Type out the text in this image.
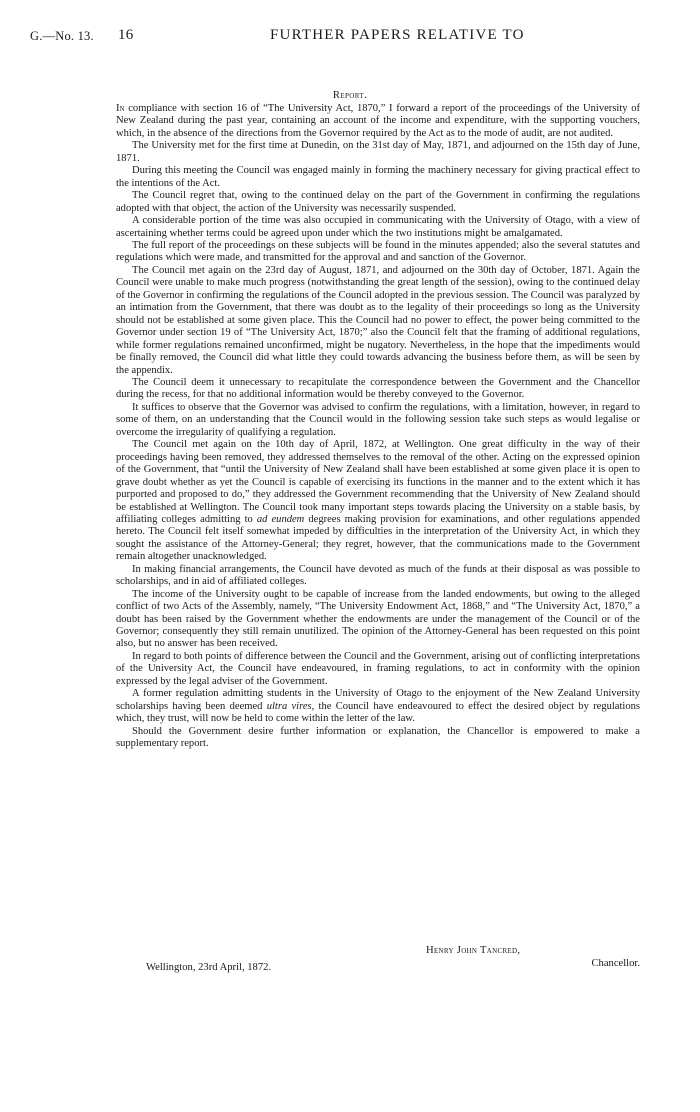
G.—No. 13. 16	FURTHER PAPERS RELATIVE TO
Report.

In compliance with section 16 of “The University Act, 1870,” I forward a report of the proceedings of the University of New Zealand during the past year, containing an account of the income and expenditure, with the supporting vouchers, which, in the absence of the directions from the Governor required by the Act as to the mode of audit, are not audited.

The University met for the first time at Dunedin, on the 31st day of May, 1871, and adjourned on the 15th day of June, 1871.

During this meeting the Council was engaged mainly in forming the machinery necessary for giving practical effect to the intentions of the Act.

The Council regret that, owing to the continued delay on the part of the Government in confirming the regulations adopted with that object, the action of the University was necessarily suspended.

A considerable portion of the time was also occupied in communicating with the University of Otago, with a view of ascertaining whether terms could be agreed upon under which the two institutions might be amalgamated.

The full report of the proceedings on these subjects will be found in the minutes appended; also the several statutes and regulations which were made, and transmitted for the approval and and sanction of the Governor.

The Council met again on the 23rd day of August, 1871, and adjourned on the 30th day of October, 1871. Again the Council were unable to make much progress (notwithstanding the great length of the session), owing to the continued delay of the Governor in confirming the regulations of the Council adopted in the previous session. The Council was paralyzed by an intimation from the Government, that there was doubt as to the legality of their proceedings so long as the University should not be established at some given place. This the Council had no power to effect, the power being committed to the Governor under section 19 of “The University Act, 1870;” also the Council felt that the framing of additional regulations, while former regulations remained unconfirmed, might be nugatory. Nevertheless, in the hope that the impediments would be finally removed, the Council did what little they could towards advancing the business before them, as will be seen by the appendix.

The Council deem it unnecessary to recapitulate the correspondence between the Government and the Chancellor during the recess, for that no additional information would be thereby conveyed to the Governor.

It suffices to observe that the Governor was advised to confirm the regulations, with a limitation, however, in regard to some of them, on an understanding that the Council would in the following session take such steps as would legalise or overcome the irregularity of qualifying a regulation.

The Council met again on the 10th day of April, 1872, at Wellington. One great difficulty in the way of their proceedings having been removed, they addressed themselves to the removal of the other. Acting on the expressed opinion of the Government, that “until the University of New Zealand shall have been established at some given place it is open to grave doubt whether as yet the Council is capable of exercising its functions in the manner and to the extent which it has purported and proposed to do,” they addressed the Government recommending that the University of New Zealand should be established at Wellington. The Council took many important steps towards placing the University on a stable basis, by affiliating colleges admitting to ad eundem degrees making provision for examinations, and other regulations appended hereto. The Council felt itself somewhat impeded by difficulties in the interpretation of the University Act, in which they sought the assistance of the Attorney-General; they regret, however, that the communications made to the Government remain altogether unacknowledged.

In making financial arrangements, the Council have devoted as much of the funds at their disposal as was possible to scholarships, and in aid of affiliated colleges.

The income of the University ought to be capable of increase from the landed endowments, but owing to the alleged conflict of two Acts of the Assembly, namely, “The University Endowment Act, 1868,” and “The University Act, 1870,” a doubt has been raised by the Government whether the endowments are under the management of the Council or of the Governor; consequently they still remain unutilized. The opinion of the Attorney-General has been requested on this point also, but no answer has been received.

In regard to both points of difference between the Council and the Government, arising out of conflicting interpretations of the University Act, the Council have endeavoured, in framing regulations, to act in conformity with the opinion expressed by the legal adviser of the Government.

A former regulation admitting students in the University of Otago to the enjoyment of the New Zealand University scholarships having been deemed ultra vires, the Council have endeavoured to effect the desired object by regulations which, they trust, will now be held to come within the letter of the law.

Should the Government desire further information or explanation, the Chancellor is empowered to make a supplementary report.

Henry John Tancred,
Chancellor.
Wellington, 23rd April, 1872.
